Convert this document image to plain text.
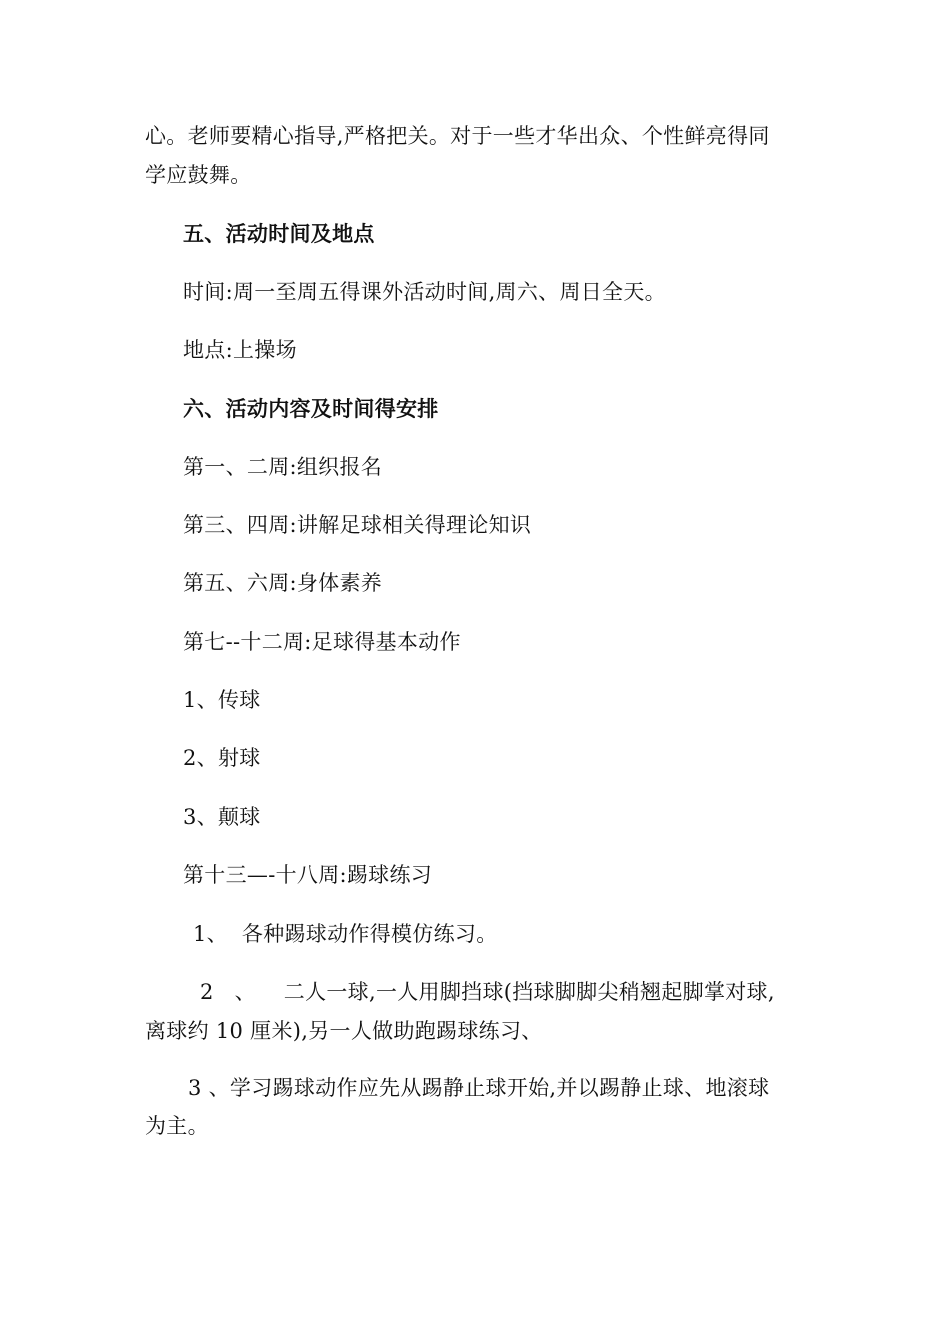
心。老师要精心指导,严格把关。对于一些才华出众、个性鲜亮得同
学应鼓舞。
五、活动时间及地点
时间:周一至周五得课外活动时间,周六、周日全天。
地点:上操场
六、活动内容及时间得安排
第一、二周:组织报名
第三、四周:讲解足球相关得理论知识
第五、六周:身体素养
第七--十二周:足球得基本动作
1、传球
2、射球
3、颠球
第十三—-十八周:踢球练习
1、  各种踢球动作得模仿练习。
2   、    二人一球,一人用脚挡球(挡球脚脚尖稍翘起脚掌对球,
离球约 10 厘米),另一人做助跑踢球练习、
3 、学习踢球动作应先从踢静止球开始,并以踢静止球、地滚球
为主。
